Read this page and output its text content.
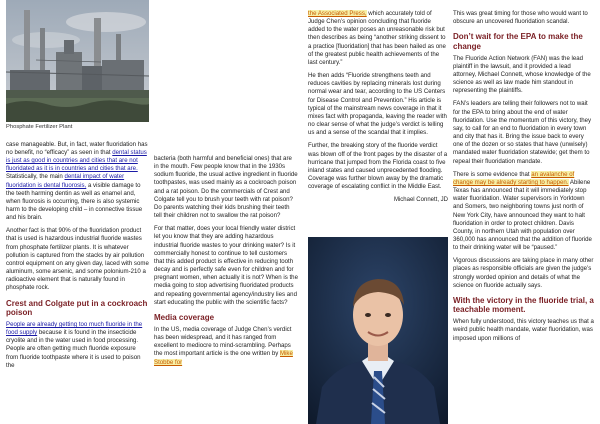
Phosphate Fertilizer Plant

case manageable. But, in fact, water fluoridation has no benefit, no “efficacy” as seen in that dental status is just as good in countries and cities that are not fluoridated as it is in countries and cities that are. Statistically, the main dental impact of water fluoridation is dental fluorosis, a visible damage to the teeth harming dentin as well as enamel and, when fluorosis is occurring, there is also systemic harm to the developing child – in connective tissue and his brain.

Another fact is that 90% of the fluoridation product that is used is hazardous industrial fluoride wastes from phosphate fertilizer plants. It is whatever pollution is captured from the stacks by air pollution control equipment on any given day, laced with some aluminum, some arsenic, and some polonium-210 a radioactive element that is naturally found in phosphate rock.

Crest and Colgate put in a cockroach poison

People are already getting too much fluoride in the food supply because it is found in the insecticide cryolite and in the water used in food processing. People are often getting much fluoride exposure from fluoride toothpaste where it is used to poison the

bacteria (both harmful and beneficial ones) that are in the mouth. Few people know that in the 1930s sodium fluoride, the usual active ingredient in fluoride toothpastes, was used mainly as a cockroach poison and a rat poison. Do the commercials of Crest and Colgate tell you to brush your teeth with rat poison? Do parents watching their kids brushing their teeth tell their children not to swallow the rat poison?

For that matter, does your local friendly water district let you know that they are adding hazardous industrial fluoride wastes to your drinking water? Is it commercially honest to continue to tell customers that this added product is effective in reducing tooth decay and is perfectly safe even for children and for pregnant women, when actually it is not? When is the media going to stop advertising fluoridated products and repeating governmental agency/industry lies and start educating the public with the scientific facts?

Media coverage

In the US, media coverage of Judge Chen’s verdict has been widespread, and it has ranged from excellent to mediocre to mind-scrambling. Perhaps the most important article is the one written by Mike Stobbe for

the Associated Press, which accurately told of Judge Chen’s opinion concluding that fluoride added to the water poses an unreasonable risk but then describes as being “another striking dissent to a practice [fluoridation] that has been hailed as one of the greatest public health achievements of the last century.”

He then adds “Fluoride strengthens teeth and reduces cavities by replacing minerals lost during normal wear and tear, according to the US Centers for Disease Control and Prevention.” His article is typical of the mainstream news coverage in that it mixes fact with propaganda, leaving the reader with no clear sense of what the judge’s verdict is telling us and a sense of the scandal that it implies.

Further, the breaking story of the fluoride verdict was blown off of the front pages by the disaster of a hurricane that jumped from the Florida coast to five inland states and caused unprecedented flooding. Coverage was further blown away by the dramatic coverage of escalating conflict in the Middle East.

Michael Connett, JD

This was great timing for those who would want to obscure an uncovered fluoridation scandal.

Don’t wait for the EPA to make the change

The Fluoride Action Network (FAN) was the lead plaintiff in the lawsuit, and it provided a lead attorney, Michael Connett, whose knowledge of the science as well as law made him standout in representing the plaintiffs.

FAN’s leaders are telling their followers not to wait for the EPA to bring about the end of water fluoridation. Use the momentum of this victory, they say, to call for an end to fluoridation in every town and city that has it. Bring the issue back to every one of the dozen or so states that have (unwisely) mandated water fluoridation statewide; get them to repeal their fluoridation mandate.

There is some evidence that an avalanche of change may be already starting to happen. Abilene Texas has announced that it will immediately stop water fluoridation. Water supervisors in Yorktown and Somers, two neighboring towns just north of New York City, have announced they want to halt fluoridation in order to protect children. Davis County, in northern Utah with population over 360,000 has announced that the addition of fluoride to their drinking water will be “paused.”

Vigorous discussions are taking place in many other places as responsible officials are given the judge’s strongly worded opinion and details of what the science on fluoride actually says.

With the victory in the fluoride trial, a teachable moment.

When fully understood, this victory teaches us that a weird public health mandate, water fluoridation, was imposed upon millions of
